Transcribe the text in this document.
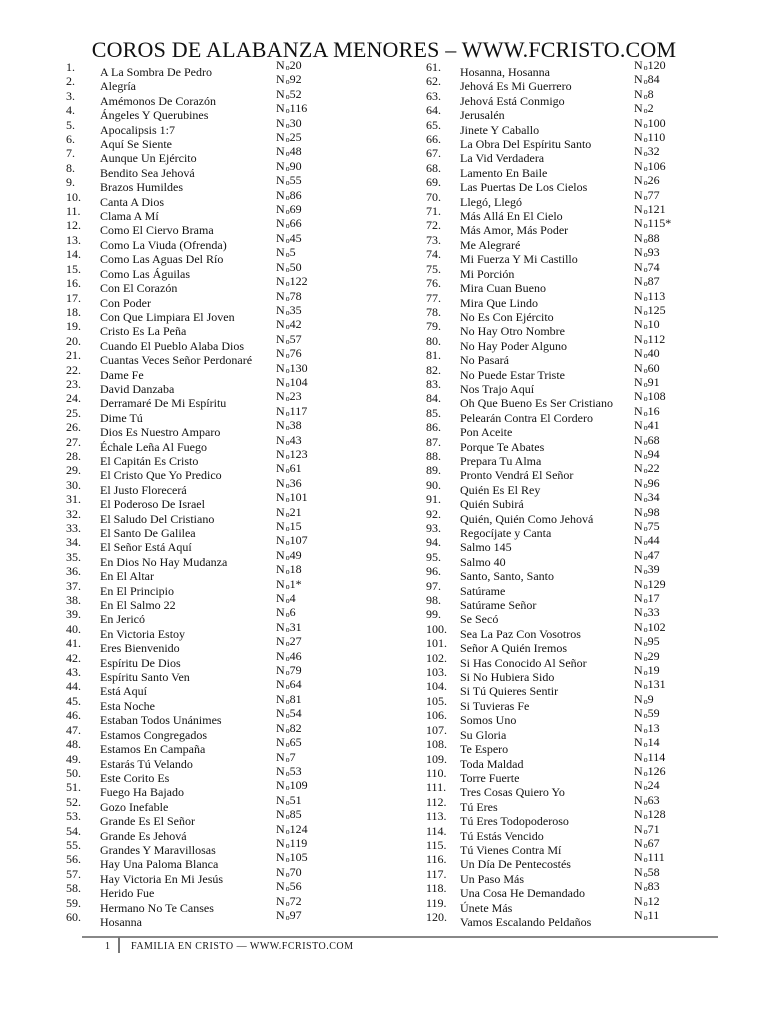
COROS DE ALABANZA MENORES – WWW.FCRISTO.COM
1. A La Sombra De Pedro	No20
2. Alegría	No92
3. Amémonos De Corazón	No52
4. Ángeles Y Querubines	No116
5. Apocalipsis 1:7	No30
6. Aquí Se Siente	No25
7. Aunque Un Ejército	No48
8. Bendito Sea Jehová	No90
9. Brazos Humildes	No55
10. Canta A Dios	No86
11. Clama A Mí	No69
12. Como El Ciervo Brama	No66
13. Como La Viuda (Ofrenda)	No45
14. Como Las Aguas Del Río	No5
15. Como Las Águilas	No50
16. Con El Corazón	No122
17. Con Poder	No78
18. Con Que Limpiara El Joven	No35
19. Cristo Es La Peña	No42
20. Cuando El Pueblo Alaba Dios	No57
21. Cuantas Veces Señor Perdonaré No76
22. Dame Fe	No130
23. David Danzaba	No104
24. Derramaré De Mi Espíritu	No23
25. Dime Tú	No117
26. Dios Es Nuestro Amparo	No38
27. Échale Leña Al Fuego	No43
28. El Capitán Es Cristo	No123
29. El Cristo Que Yo Predico	No61
30. El Justo Florecerá	No36
31. El Poderoso De Israel	No101
32. El Saludo Del Cristiano	No21
33. El Santo De Galilea	No15
34. El Señor Está Aquí	No107
35. En Dios No Hay Mudanza	No49
36. En El Altar	No18
37. En El Principio	No1*
38. En El Salmo 22	No4
39. En Jericó	No6
40. En Victoria Estoy	No31
41. Eres Bienvenido	No27
42. Espíritu De Dios	No46
43. Espíritu Santo Ven	No79
44. Está Aquí	No64
45. Esta Noche	No81
46. Estaban Todos Unánimes	No54
47. Estamos Congregados	No82
48. Estamos En Campaña	No65
49. Estarás Tú Velando	No7
50. Este Corito Es	No53
51. Fuego Ha Bajado	No109
52. Gozo Inefable	No51
53. Grande Es El Señor	No85
54. Grande Es Jehová	No124
55. Grandes Y Maravillosas	No119
56. Hay Una Paloma Blanca	No105
57. Hay Victoria En Mi Jesús	No70
58. Herido Fue	No56
59. Hermano No Te Canses	No72
60. Hosanna	No97
61. Hosanna, Hosanna	No120
62. Jehová Es Mi Guerrero	No84
63. Jehová Está Conmigo	No8
64. Jerusalén	No2
65. Jinete Y Caballo	No100
66. La Obra Del Espíritu Santo	No110
67. La Vid Verdadera	No32
68. Lamento En Baile	No106
69. Las Puertas De Los Cielos	No26
70. Llegó, Llegó	No77
71. Más Allá En El Cielo	No121
72. Más Amor, Más Poder	No115*
73. Me Alegraré	No88
74. Mi Fuerza Y Mi Castillo	No93
75. Mi Porción	No74
76. Mira Cuan Bueno	No87
77. Mira Que Lindo	No113
78. No Es Con Ejército	No125
79. No Hay Otro Nombre	No10
80. No Hay Poder Alguno	No112
81. No Pasará	No40
82. No Puede Estar Triste	No60
83. Nos Trajo Aquí	No91
84. Oh Que Bueno Es Ser Cristiano No108
85. Pelearán Contra El Cordero	No16
86. Pon Aceite	No41
87. Porque Te Abates	No68
88. Prepara Tu Alma	No94
89. Pronto Vendrá El Señor	No22
90. Quién Es El Rey	No96
91. Quién Subirá	No34
92. Quién, Quién Como Jehová	No98
93. Regocíjate y Canta	No75
94. Salmo 145	No44
95. Salmo 40	No47
96. Santo, Santo, Santo	No39
97. Satúrame	No129
98. Satúrame Señor	No17
99. Se Secó	No33
100. Sea La Paz Con Vosotros	No102
101. Señor A Quién Iremos	No95
102. Si Has Conocido Al Señor	No29
103. Si No Hubiera Sido	No19
104. Si Tú Quieres Sentir	No131
105. Si Tuvieras Fe	No9
106. Somos Uno	No59
107. Su Gloria	No13
108. Te Espero	No14
109. Toda Maldad	No114
110. Torre Fuerte	No126
111. Tres Cosas Quiero Yo	No24
112. Tú Eres	No63
113. Tú Eres Todopoderoso	No128
114. Tú Estás Vencido	No71
115. Tú Vienes Contra Mí	No67
116. Un Día De Pentecostés	No111
117. Un Paso Más	No58
118. Una Cosa He Demandado	No83
119. Únete Más	No12
120. Vamos Escalando Peldaños	No11
1 FAMILIA EN CRISTO — WWW.FCRISTO.COM
